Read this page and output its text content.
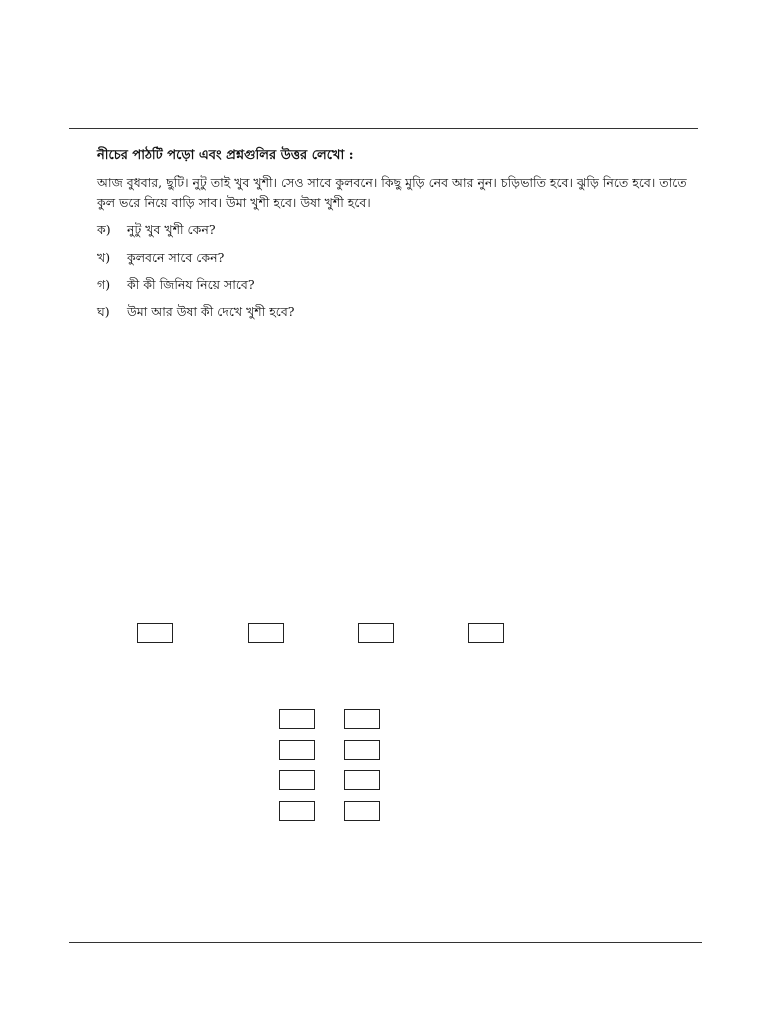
নীচের পাঠটি পড়ো এবং প্রশ্নগুলির উত্তর লেখো :
আজ বুধবার, ছুটি। নুটু তাই খুব খুশী। সেও সাবে কুলবনে। কিছু মুড়ি নেব আর নুন। চড়িভাতি হবে। ঝুড়ি নিতে হবে। তাতে কুল ভরে নিয়ে বাড়ি সাব। উমা খুশী হবে। উষা খুশী হবে।
ক) নুটু খুব খুশী কেন?
খ) কুলবনে সাবে কেন?
গ) কী কী জিনিয নিয়ে সাবে?
ঘ) উমা আর উষা কী দেখে খুশী হবে?
